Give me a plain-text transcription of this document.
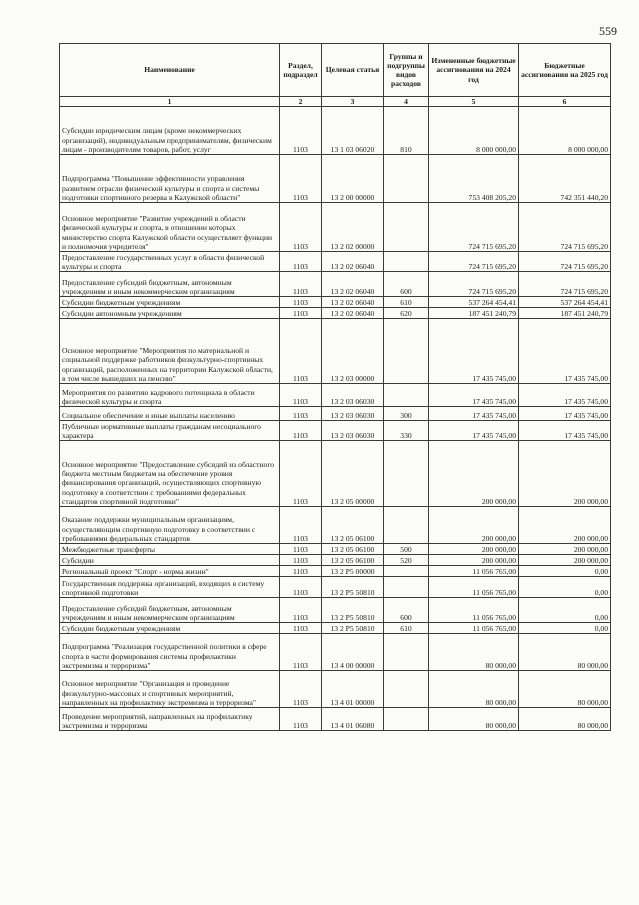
559
Наименование	Раздел, подраздел	Целевая статья	Группы и подгруппы видов расходов	Измененные бюджетные ассигнования на 2024 год	Бюджетные ассигнования на 2025 год
1	2	3	4	5	6
Субсидии юридическим лицам (кроме некоммерческих организаций), индивидуальным предпринимателям, физическим лицам - производителям товаров, работ, услуг	1103	13 1 03 06020	810	8 000 000,00	8 000 000,00
Подпрограмма "Повышение эффективности управления развитием отрасли физической культуры и спорта и системы подготовки спортивного резерва в Калужской области"	1103	13 2 00 00000		753 408 205,20	742 351 440,20
Основное мероприятие "Развитие учреждений в области физической культуры и спорта, в отношении которых министерство спорта Калужской области осуществляет функции и полномочия учредителя"	1103	13 2 02 00000		724 715 695,20	724 715 695,20
Предоставление государственных услуг в области физической культуры и спорта	1103	13 2 02 06040		724 715 695,20	724 715 695,20
Предоставление субсидий бюджетным, автономным учреждениям и иным некоммерческим организациям	1103	13 2 02 06040	600	724 715 695,20	724 715 695,20
Субсидии бюджетным учреждениям	1103	13 2 02 06040	610	537 264 454,41	537 264 454,41
Субсидии автономным учреждениям	1103	13 2 02 06040	620	187 451 240,79	187 451 240,79
Основное мероприятие "Мероприятия по материальной и социальной поддержке работников физкультурно-спортивных организаций, расположенных на территории Калужской области, в том числе вышедших на пенсию"	1103	13 2 03 00000		17 435 745,00	17 435 745,00
Мероприятия по развитию кадрового потенциала в области физической культуры и спорта	1103	13 2 03 06030		17 435 745,00	17 435 745,00
Социальное обеспечение и иные выплаты населению	1103	13 2 03 06030	300	17 435 745,00	17 435 745,00
Публичные нормативные выплаты гражданам несоциального характера	1103	13 2 03 06030	330	17 435 745,00	17 435 745,00
Основное мероприятие "Предоставление субсидий из областного бюджета местным бюджетам на обеспечение уровня финансирования организаций, осуществляющих спортивную подготовку в соответствии с требованиями федеральных стандартов спортивной подготовки"	1103	13 2 05 00000		200 000,00	200 000,00
Оказание поддержки муниципальным организациям, осуществляющим спортивную подготовку в соответствии с требованиями федеральных стандартов	1103	13 2 05 06100		200 000,00	200 000,00
Межбюджетные трансферты	1103	13 2 05 06100	500	200 000,00	200 000,00
Субсидии	1103	13 2 05 06100	520	200 000,00	200 000,00
Региональный проект "Спорт - норма жизни"	1103	13 2 P5 00000		11 056 765,00	0,00
Государственная поддержка организаций, входящих в систему спортивной подготовки	1103	13 2 P5 50810		11 056 765,00	0,00
Предоставление субсидий бюджетным, автономным учреждениям и иным некоммерческим организациям	1103	13 2 P5 50810	600	11 056 765,00	0,00
Субсидии бюджетным учреждениям	1103	13 2 P5 50810	610	11 056 765,00	0,00
Подпрограмма "Реализация государственной политики в сфере спорта в части формирования системы профилактики экстремизма и терроризма"	1103	13 4 00 00000		80 000,00	80 000,00
Основное мероприятие "Организация и проведение физкультурно-массовых и спортивных мероприятий, направленных на профилактику экстремизма и терроризма"	1103	13 4 01 00000		80 000,00	80 000,00
Проведение мероприятий, направленных на профилактику экстремизма и терроризма	1103	13 4 01 06080		80 000,00	80 000,00
